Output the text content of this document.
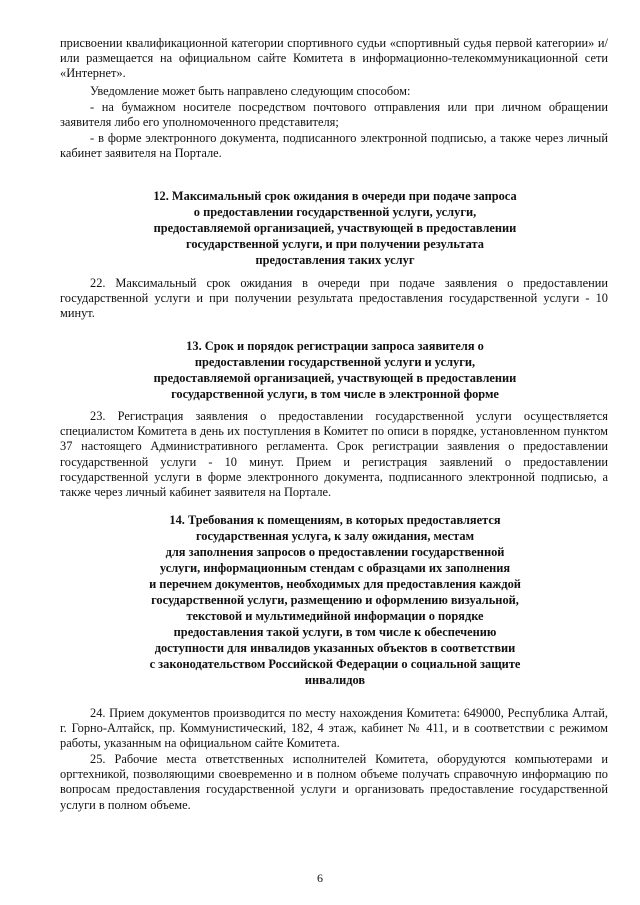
присвоении квалификационной категории спортивного судьи «спортивный судья первой категории» и/или размещается на официальном сайте Комитета в информационно-телекоммуникационной сети «Интернет».

Уведомление может быть направлено следующим способом:

- на бумажном носителе посредством почтового отправления или при личном обращении заявителя либо его уполномоченного представителя;

- в форме электронного документа, подписанного электронной подписью, а также через личный кабинет заявителя на Портале.

12. Максимальный срок ожидания в очереди при подаче запроса
о предоставлении государственной услуги, услуги,
предоставляемой организацией, участвующей в предоставлении
государственной услуги, и при получении результата
предоставления таких услуг

22. Максимальный срок ожидания в очереди при подаче заявления о предоставлении государственной услуги и при получении результата предоставления государственной услуги - 10 минут.

13. Срок и порядок регистрации запроса заявителя о
предоставлении государственной услуги и услуги,
предоставляемой организацией, участвующей в предоставлении
государственной услуги, в том числе в электронной форме

23. Регистрация заявления о предоставлении государственной услуги осуществляется специалистом Комитета в день их поступления в Комитет по описи в порядке, установленном пунктом 37 настоящего Административного регламента. Срок регистрации заявления о предоставлении государственной услуги - 10 минут. Прием и регистрация заявлений о предоставлении государственной услуги в форме электронного документа, подписанного электронной подписью, а также через личный кабинет заявителя на Портале.

14. Требования к помещениям, в которых предоставляется
государственная услуга, к залу ожидания, местам
для заполнения запросов о предоставлении государственной
услуги, информационным стендам с образцами их заполнения
и перечнем документов, необходимых для предоставления каждой
государственной услуги, размещению и оформлению визуальной,
текстовой и мультимедийной информации о порядке
предоставления такой услуги, в том числе к обеспечению
доступности для инвалидов указанных объектов в соответствии
с законодательством Российской Федерации о социальной защите
инвалидов

24. Прием документов производится по месту нахождения Комитета: 649000, Республика Алтай, г. Горно-Алтайск, пр. Коммунистический, 182, 4 этаж, кабинет № 411, и в соответствии с режимом работы, указанным на официальном сайте Комитета.

25. Рабочие места ответственных исполнителей Комитета, оборудуются компьютерами и оргтехникой, позволяющими своевременно и в полном объеме получать справочную информацию по вопросам предоставления государственной услуги и организовать предоставление государственной услуги в полном объеме.

6
